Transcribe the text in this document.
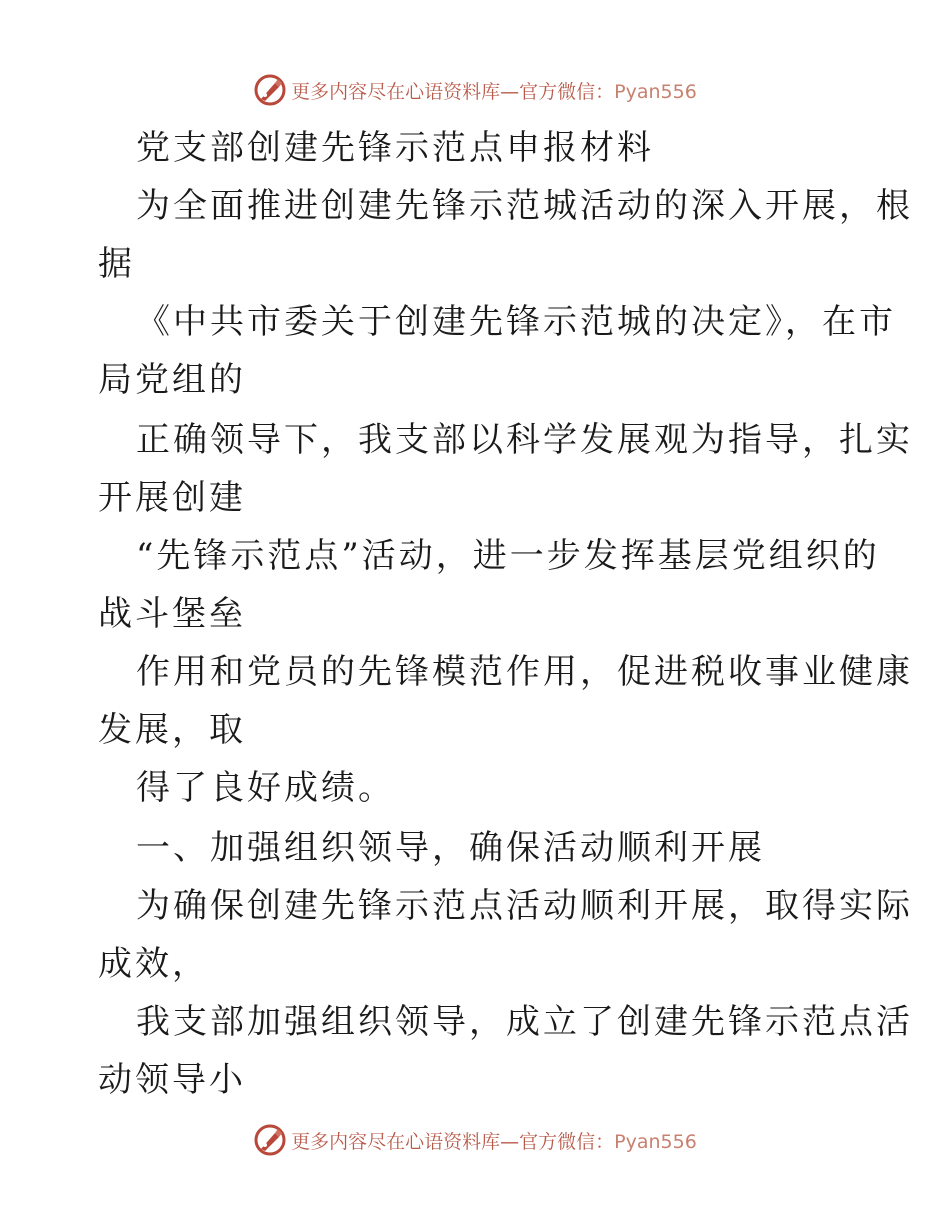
更多内容尽在心语资料库—官方微信：Pyan556
党支部创建先锋示范点申报材料
为全面推进创建先锋示范城活动的深入开展，根
据
《中共市委关于创建先锋示范城的决定》，在市
局党组的
正确领导下，我支部以科学发展观为指导，扎实
开展创建
“先锋示范点”活动，进一步发挥基层党组织的
战斗堡垒
作用和党员的先锋模范作用，促进税收事业健康
发展，取
得了良好成绩。
一、加强组织领导，确保活动顺利开展
为确保创建先锋示范点活动顺利开展，取得实际
成效，
我支部加强组织领导，成立了创建先锋示范点活
动领导小
更多内容尽在心语资料库—官方微信：Pyan556
